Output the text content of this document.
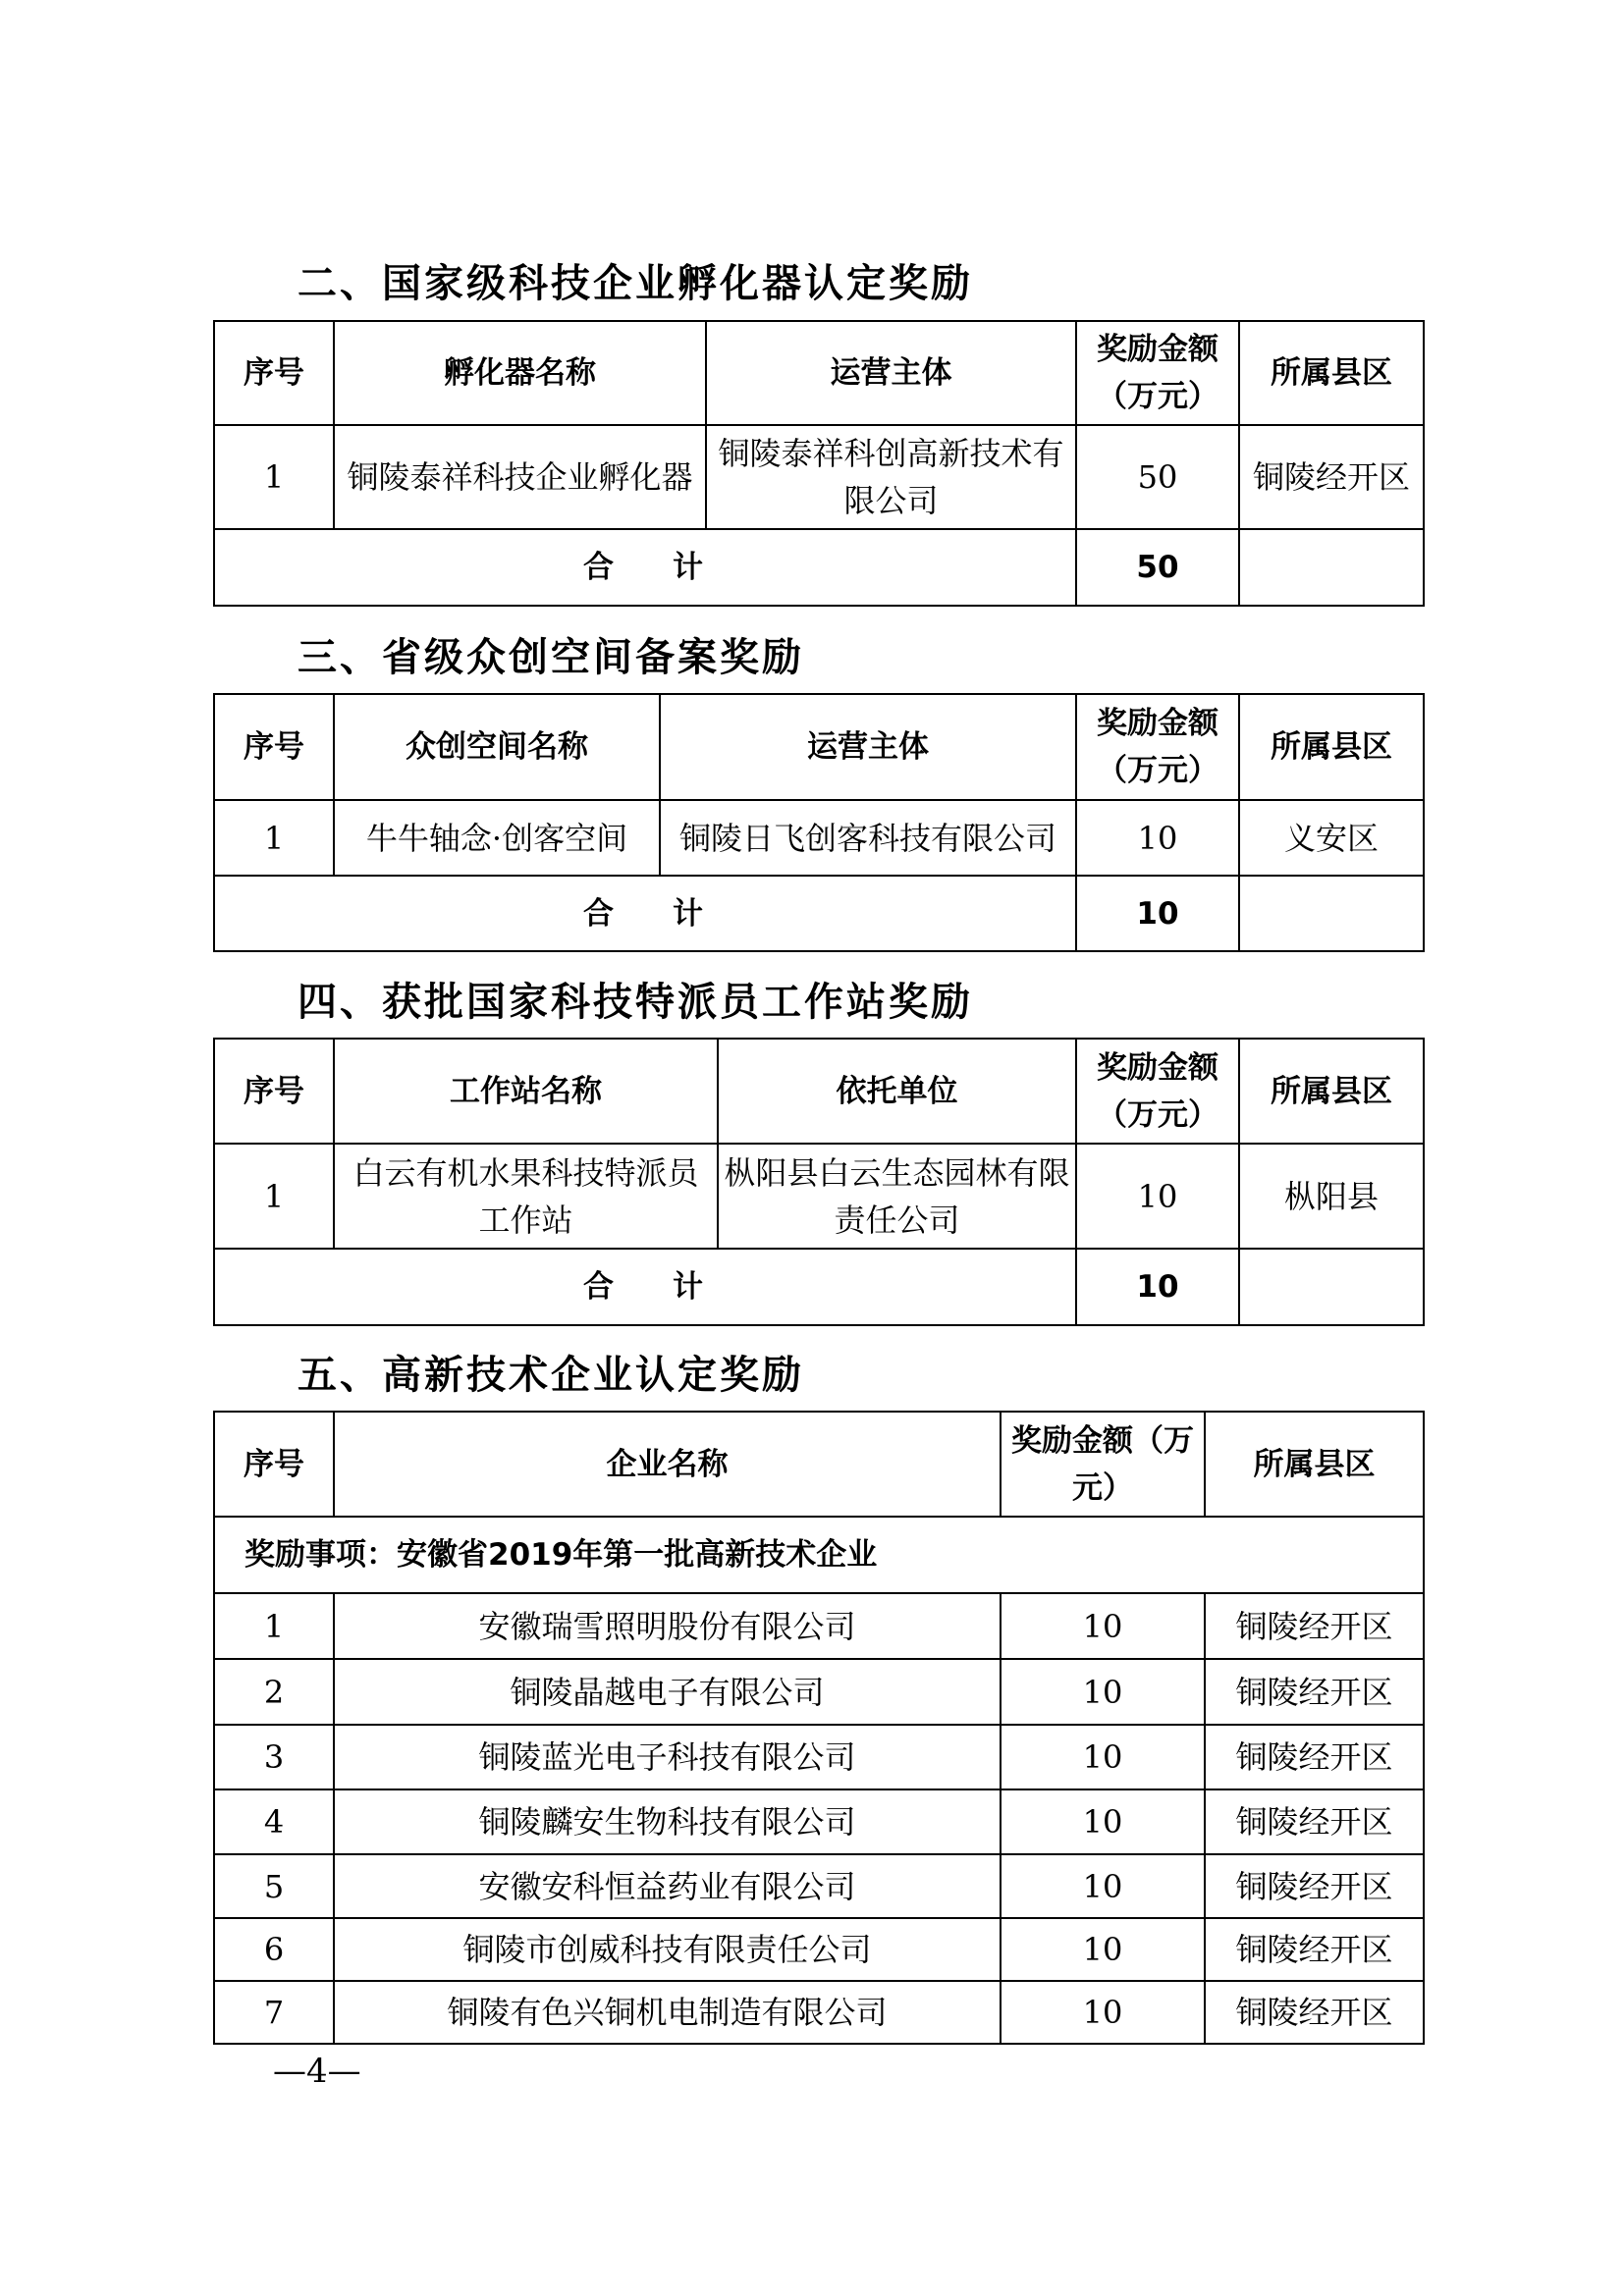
二、国家级科技企业孵化器认定奖励
序号	孵化器名称	运营主体	奖励金额（万元）	所属县区
1	铜陵泰祥科技企业孵化器	铜陵泰祥科创高新技术有限公司	50	铜陵经开区
合计			50	
三、省级众创空间备案奖励
序号	众创空间名称	运营主体	奖励金额（万元）	所属县区
1	牛牛轴念·创客空间	铜陵日飞创客科技有限公司	10	义安区
合计			10	
四、获批国家科技特派员工作站奖励
序号	工作站名称	依托单位	奖励金额（万元）	所属县区
1	白云有机水果科技特派员工作站	枞阳县白云生态园林有限责任公司	10	枞阳县
合计			10	
五、高新技术企业认定奖励
序号	企业名称	奖励金额（万元）	所属县区
奖励事项：安徽省2019年第一批高新技术企业			
1	安徽瑞雪照明股份有限公司	10	铜陵经开区
2	铜陵晶越电子有限公司	10	铜陵经开区
3	铜陵蓝光电子科技有限公司	10	铜陵经开区
4	铜陵麟安生物科技有限公司	10	铜陵经开区
5	安徽安科恒益药业有限公司	10	铜陵经开区
6	铜陵市创威科技有限责任公司	10	铜陵经开区
7	铜陵有色兴铜机电制造有限公司	10	铜陵经开区
—4—
